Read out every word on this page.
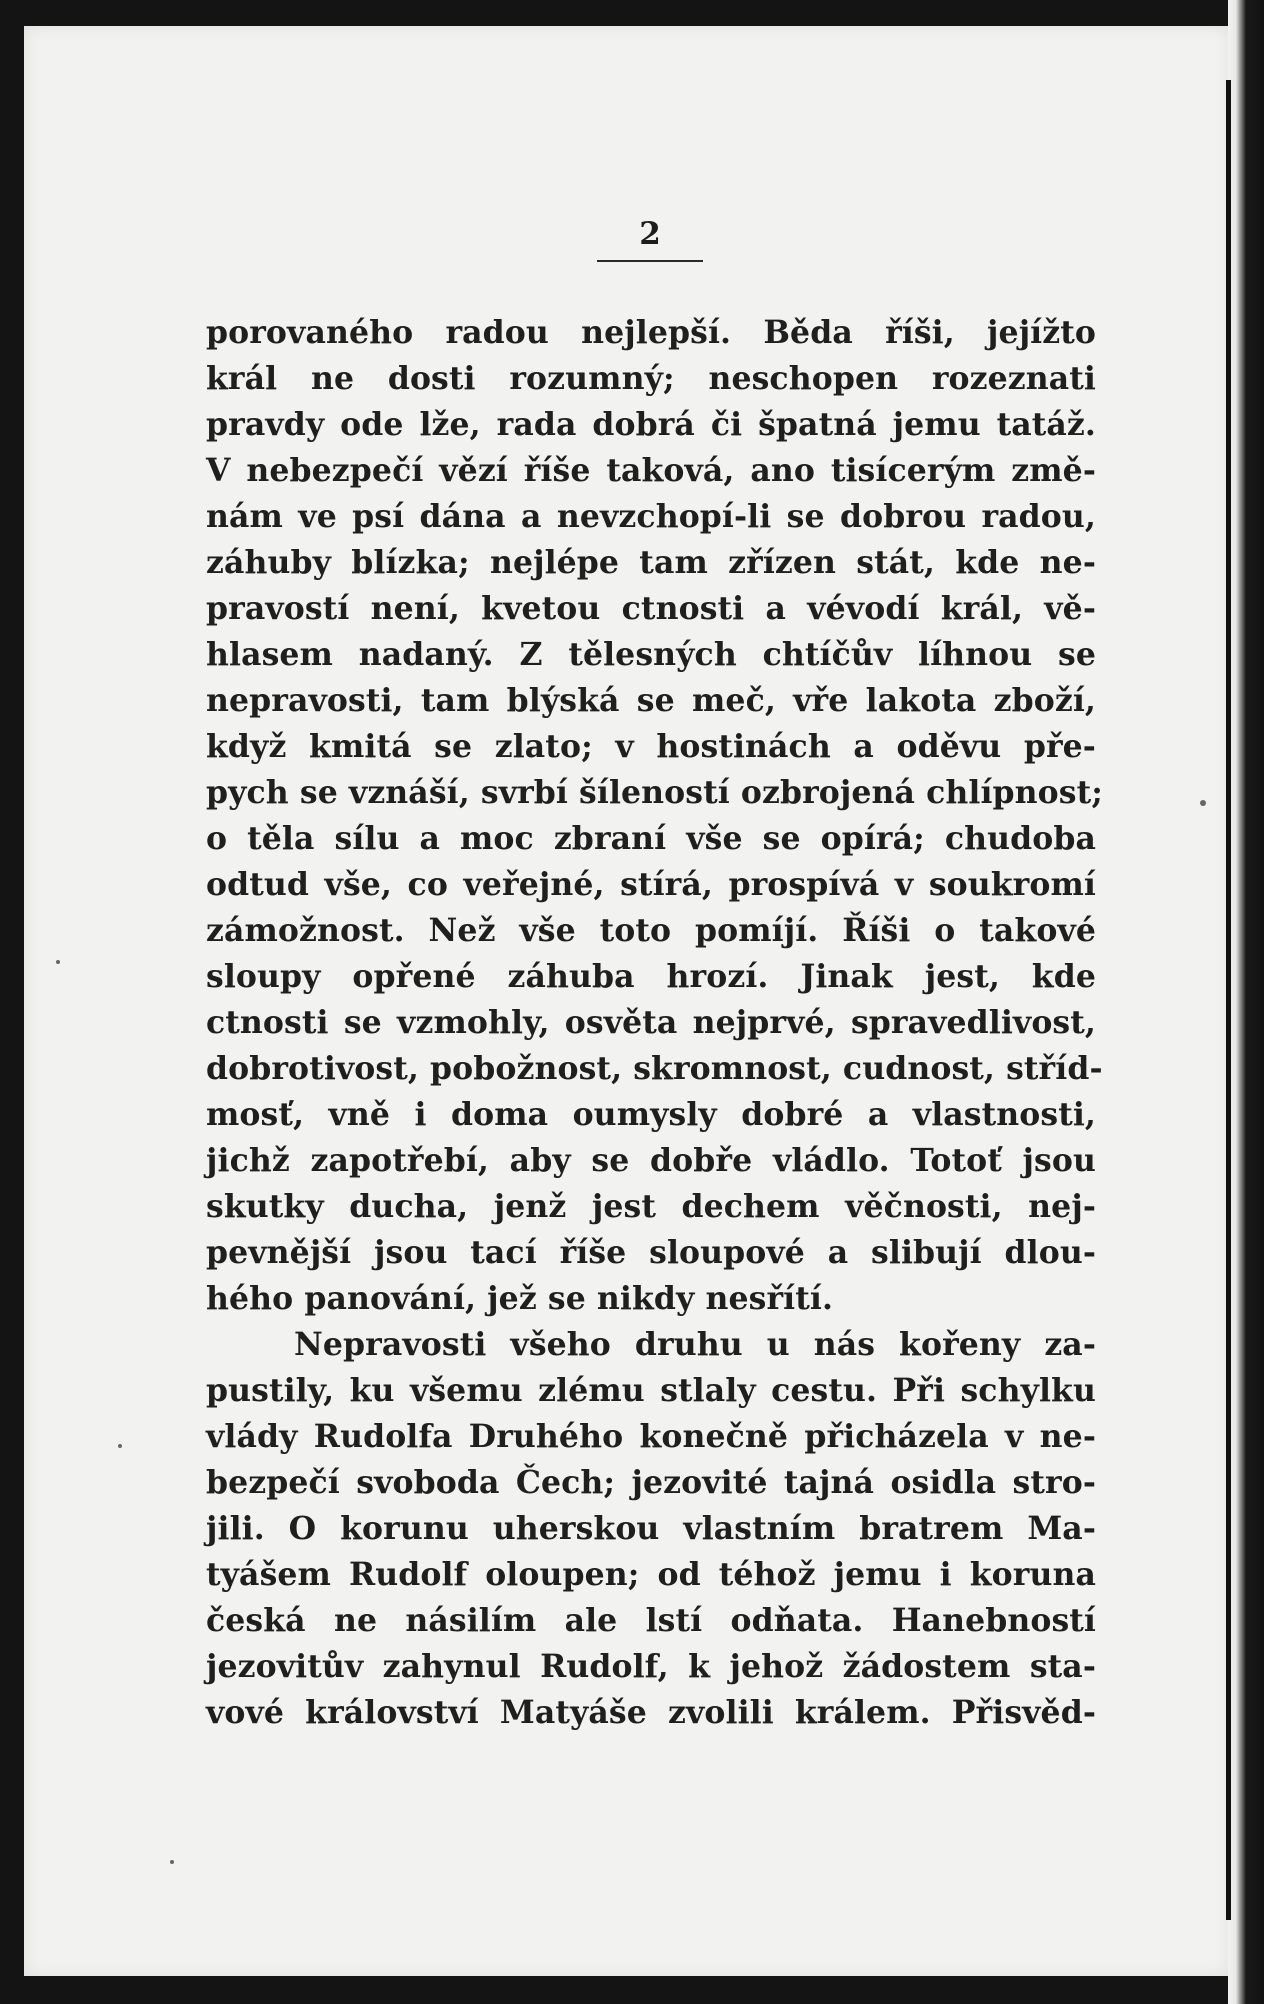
2
porovaného radou nejlepší. Běda říši, jejížto
král ne dosti rozumný; neschopen rozeznati
pravdy ode lže, rada dobrá či špatná jemu tatáž.
V nebezpečí vězí říše taková, ano tisícerým změ-
nám ve psí dána a nevzchopí-li se dobrou radou,
záhuby blízka; nejlépe tam zřízen stát, kde ne-
pravostí není, kvetou ctnosti a vévodí král, vě-
hlasem nadaný. Z tělesných chtíčův líhnou se
nepravosti, tam blýská se meč, vře lakota zboží,
když kmitá se zlato; v hostinách a oděvu pře-
pych se vznáší, svrbí šíleností ozbrojená chlípnost;
o těla sílu a moc zbraní vše se opírá; chudoba
odtud vše, co veřejné, stírá, prospívá v soukromí
zámožnost. Než vše toto pomíjí. Říši o takové
sloupy opřené záhuba hrozí. Jinak jest, kde
ctnosti se vzmohly, osvěta nejprvé, spravedlivost,
dobrotivost, pobožnost, skromnost, cudnost, stříd-
mosť, vně i doma oumysly dobré a vlastnosti,
jichž zapotřebí, aby se dobře vládlo. Totoť jsou
skutky ducha, jenž jest dechem věčnosti, nej-
pevnější jsou tací říše sloupové a slibují dlou-
hého panování, jež se nikdy nesřítí.
Nepravosti všeho druhu u nás kořeny za-
pustily, ku všemu zlému stlaly cestu. Při schylku
vlády Rudolfa Druhého konečně přicházela v ne-
bezpečí svoboda Čech; jezovité tajná osidla stro-
jili. O korunu uherskou vlastním bratrem Ma-
tyášem Rudolf oloupen; od téhož jemu i koruna
česká ne násilím ale lstí odňata. Hanebností
jezovitův zahynul Rudolf, k jehož žádostem sta-
vové království Matyáše zvolili králem. Přisvěd-
